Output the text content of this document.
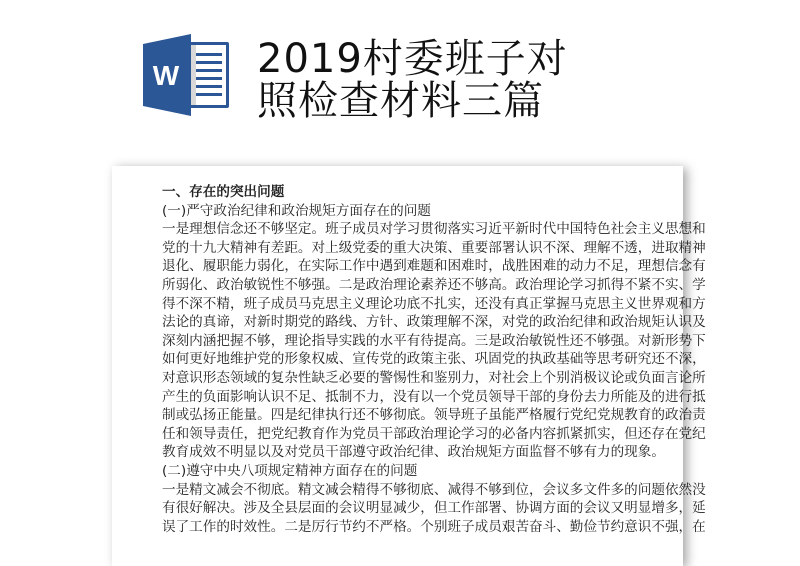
W 2019村委班子对
照检查材料三篇
一、存在的突出问题
(一)严守政治纪律和政治规矩方面存在的问题
一是理想信念还不够坚定。班子成员对学习贯彻落实习近平新时代中国特色社会主义思想和
党的十九大精神有差距。对上级党委的重大决策、重要部署认识不深、理解不透，进取精神
退化、履职能力弱化，在实际工作中遇到难题和困难时，战胜困难的动力不足，理想信念有
所弱化、政治敏锐性不够强。二是政治理论素养还不够高。政治理论学习抓得不紧不实、学
得不深不精，班子成员马克思主义理论功底不扎实，还没有真正掌握马克思主义世界观和方
法论的真谛，对新时期党的路线、方针、政策理解不深，对党的政治纪律和政治规矩认识及
深刻内涵把握不够，理论指导实践的水平有待提高。三是政治敏锐性还不够强。对新形势下
如何更好地维护党的形象权威、宣传党的政策主张、巩固党的执政基础等思考研究还不深，
对意识形态领域的复杂性缺乏必要的警惕性和鉴别力，对社会上个别消极议论或负面言论所
产生的负面影响认识不足、抵制不力，没有以一个党员领导干部的身份去力所能及的进行抵
制或弘扬正能量。四是纪律执行还不够彻底。领导班子虽能严格履行党纪党规教育的政治责
任和领导责任，把党纪教育作为党员干部政治理论学习的必备内容抓紧抓实，但还存在党纪
教育成效不明显以及对党员干部遵守政治纪律、政治规矩方面监督不够有力的现象。
(二)遵守中央八项规定精神方面存在的问题
一是精文减会不彻底。精文减会精得不够彻底、减得不够到位，会议多文件多的问题依然没
有很好解决。涉及全县层面的会议明显减少，但工作部署、协调方面的会议又明显增多，延
误了工作的时效性。二是厉行节约不严格。个别班子成员艰苦奋斗、勤俭节约意识不强，在
